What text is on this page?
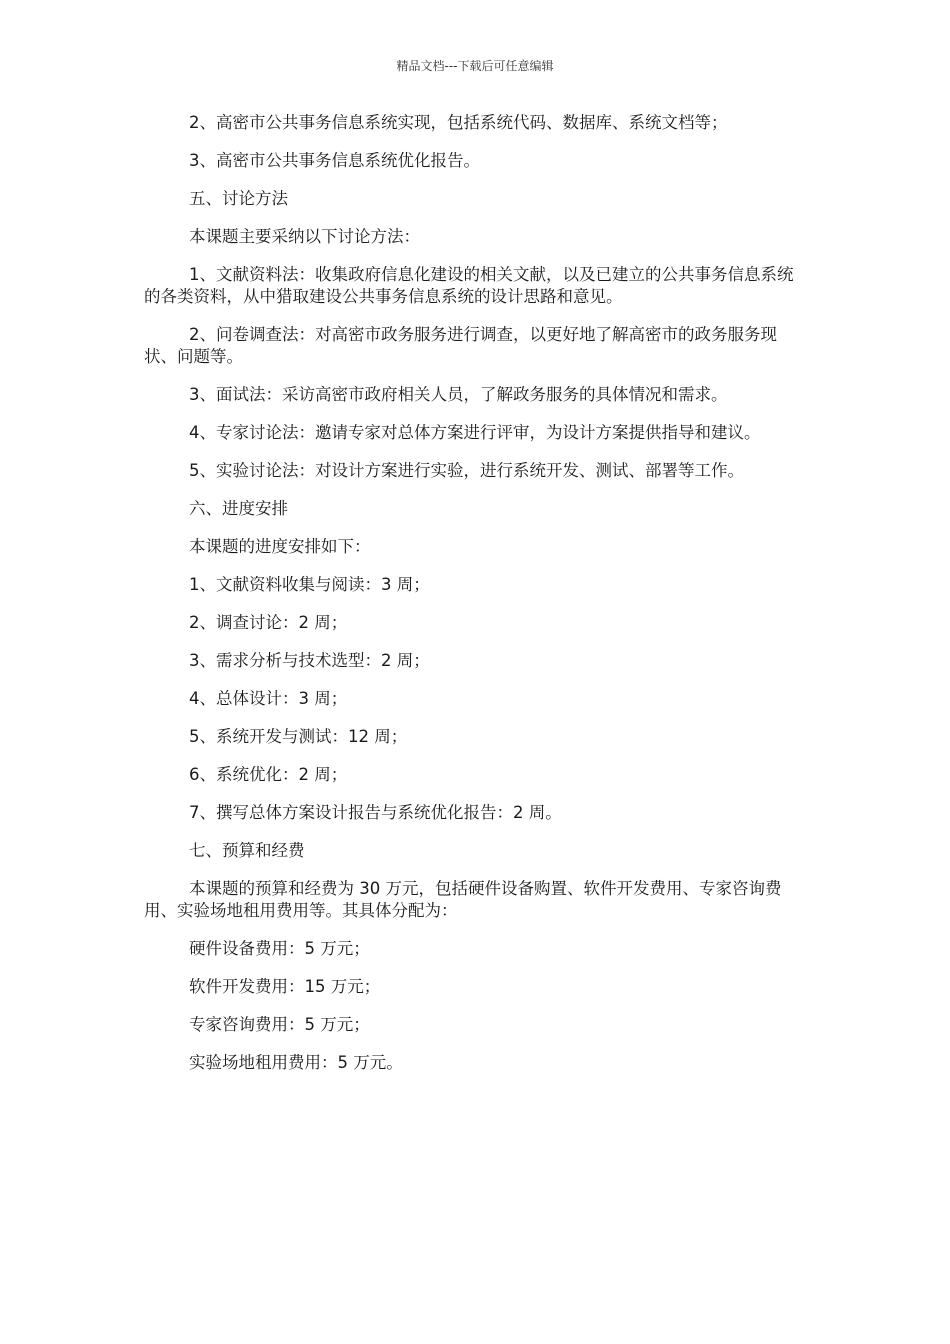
精品文档---下载后可任意编辑

2、高密市公共事务信息系统实现，包括系统代码、数据库、系统文档等；

3、高密市公共事务信息系统优化报告。

五、讨论方法

本课题主要采纳以下讨论方法：

1、文献资料法：收集政府信息化建设的相关文献，以及已建立的公共事务信息系统的各类资料，从中猎取建设公共事务信息系统的设计思路和意见。

2、问卷调查法：对高密市政务服务进行调查，以更好地了解高密市的政务服务现状、问题等。

3、面试法：采访高密市政府相关人员，了解政务服务的具体情况和需求。

4、专家讨论法：邀请专家对总体方案进行评审，为设计方案提供指导和建议。

5、实验讨论法：对设计方案进行实验，进行系统开发、测试、部署等工作。

六、进度安排

本课题的进度安排如下：

1、文献资料收集与阅读：3 周；

2、调查讨论：2 周；

3、需求分析与技术选型：2 周；

4、总体设计：3 周；

5、系统开发与测试：12 周；

6、系统优化：2 周；

7、撰写总体方案设计报告与系统优化报告：2 周。

七、预算和经费

本课题的预算和经费为 30 万元，包括硬件设备购置、软件开发费用、专家咨询费用、实验场地租用费用等。其具体分配为：

硬件设备费用：5 万元；

软件开发费用：15 万元；

专家咨询费用：5 万元；

实验场地租用费用：5 万元。
